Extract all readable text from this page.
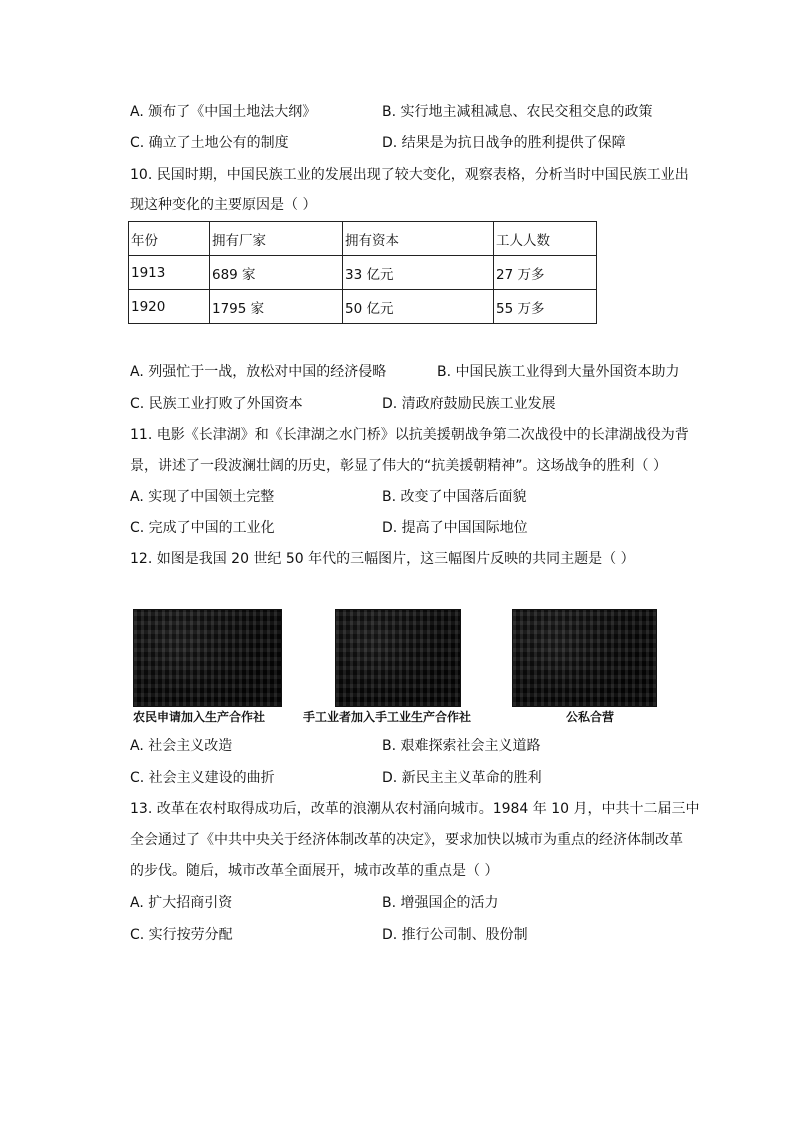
A. 颁布了《中国土地法大纲》	B. 实行地主减租减息、农民交租交息的政策
C. 确立了土地公有的制度	D. 结果是为抗日战争的胜利提供了保障
10. 民国时期，中国民族工业的发展出现了较大变化，观察表格，分析当时中国民族工业出
现这种变化的主要原因是（ ）
年份	拥有厂家	拥有资本	工人人数
1913	689 家	33 亿元	27 万多
1920	1795 家	50 亿元	55 万多
A. 列强忙于一战，放松对中国的经济侵略	B. 中国民族工业得到大量外国资本助力
C. 民族工业打败了外国资本	D. 清政府鼓励民族工业发展
11. 电影《长津湖》和《长津湖之水门桥》以抗美援朝战争第二次战役中的长津湖战役为背
景，讲述了一段波澜壮阔的历史，彰显了伟大的“抗美援朝精神”。这场战争的胜利（ ）
A. 实现了中国领土完整	B. 改变了中国落后面貌
C. 完成了中国的工业化	D. 提高了中国国际地位
12. 如图是我国 20 世纪 50 年代的三幅图片，这三幅图片反映的共同主题是（ ）
农民申请加入生产合作社	手工业者加入手工业生产合作社	公私合营
A. 社会主义改造	B. 艰难探索社会主义道路
C. 社会主义建设的曲折	D. 新民主主义革命的胜利
13. 改革在农村取得成功后，改革的浪潮从农村涌向城市。1984 年 10 月，中共十二届三中
全会通过了《中共中央关于经济体制改革的决定》，要求加快以城市为重点的经济体制改革
的步伐。随后，城市改革全面展开，城市改革的重点是（ ）
A. 扩大招商引资	B. 增强国企的活力
C. 实行按劳分配	D. 推行公司制、股份制
